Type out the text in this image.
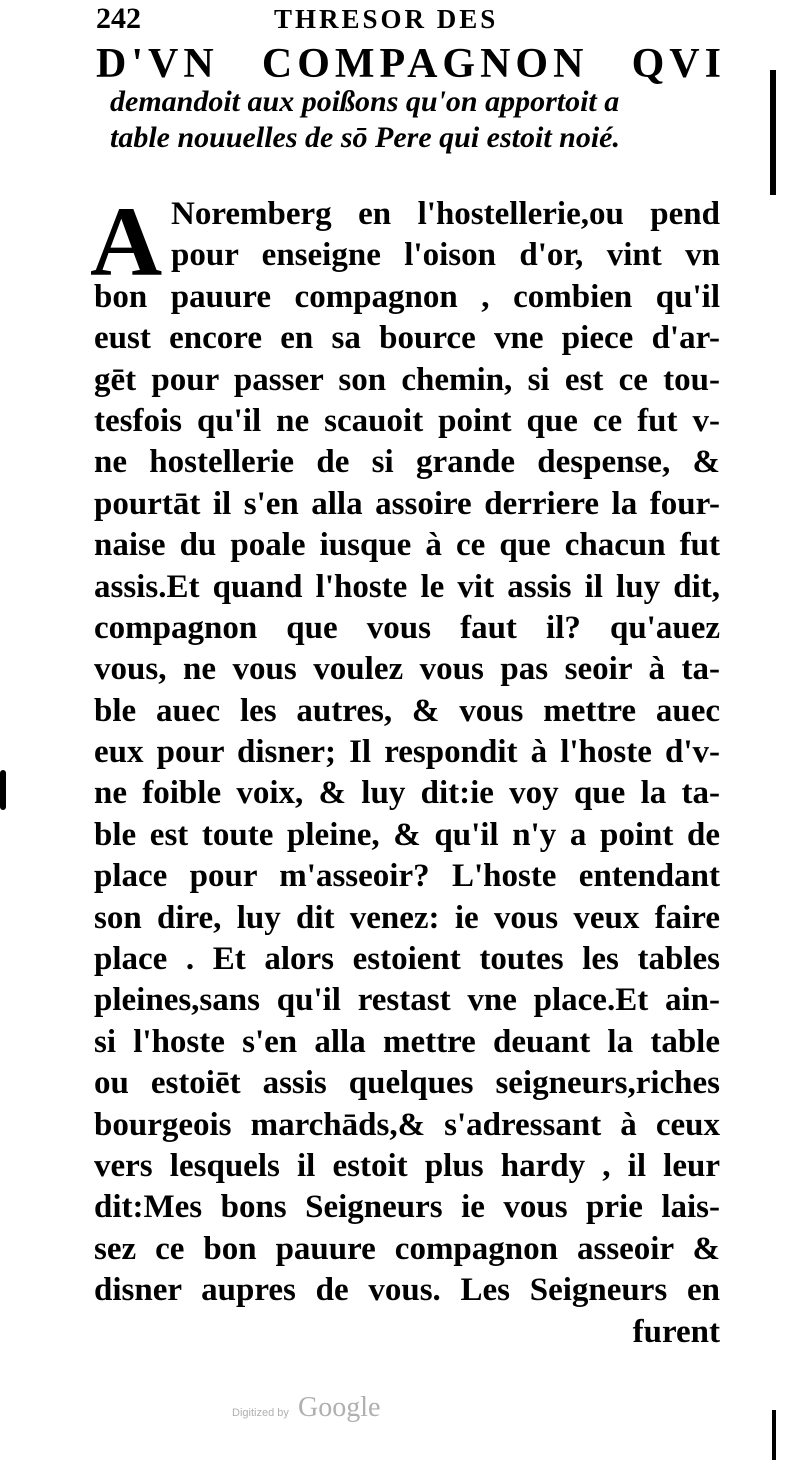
242	THRESOR DES
D'VN COMPAGNON QVI
demandoit aux poißons qu'on apportoit a
table nouuelles de sō Pere qui estoit noié.
A Noremberg en l'hostellerie,ou pend
pour enseigne l'oison d'or, vint vn
bon pauure compagnon , combien qu'il
eust encore en sa bource vne piece d'ar-
gēt pour passer son chemin, si est ce tou-
tesfois qu'il ne scauoit point que ce fut v-
ne hostellerie de si grande despense, &
pourtāt il s'en alla assoire derriere la four-
naise du poale iusque à ce que chacun fut
assis.Et quand l'hoste le vit assis il luy dit,
compagnon que vous faut il? qu'auez
vous, ne vous voulez vous pas seoir à ta-
ble auec les autres, & vous mettre auec
eux pour disner; Il respondit à l'hoste d'v-
ne foible voix, & luy dit:ie voy que la ta-
ble est toute pleine, & qu'il n'y a point de
place pour m'asseoir? L'hoste entendant
son dire, luy dit venez: ie vous veux faire
place . Et alors estoient toutes les tables
pleines,sans qu'il restast vne place.Et ain-
si l'hoste s'en alla mettre deuant la table
ou estoiēt assis quelques seigneurs,riches
bourgeois marchāds,& s'adressant à ceux
vers lesquels il estoit plus hardy , il leur
dit:Mes bons Seigneurs ie vous prie lais-
sez ce bon pauure compagnon asseoir &
disner aupres de vous. Les Seigneurs en
furent
Digitized by Google
